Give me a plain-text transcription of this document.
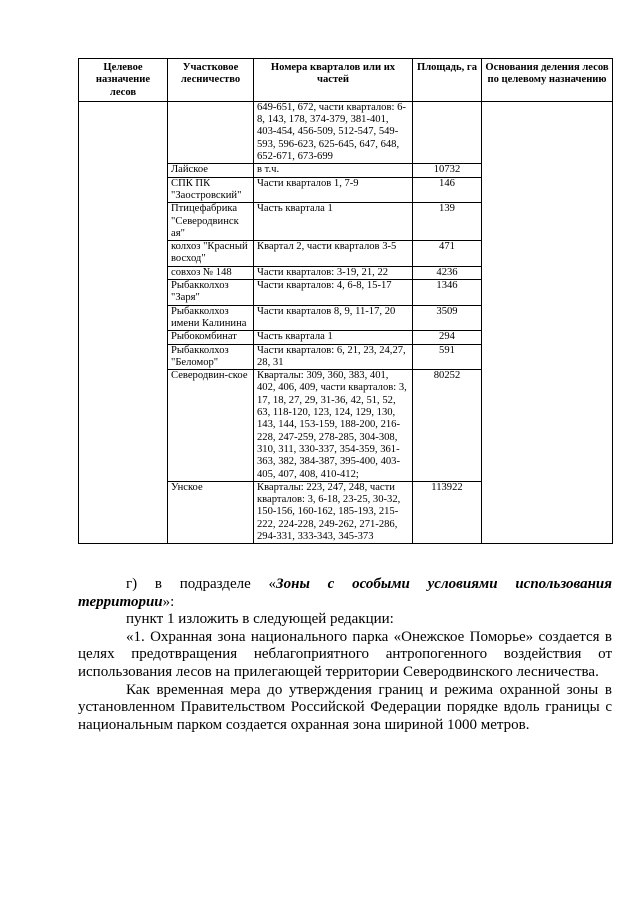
Целевое назначение лесов	Участковое лесничество	Номера кварталов или их частей	Площадь, га	Основания деления лесов по целевому назначению
		649-651, 672, части кварталов: 6-8, 143, 178, 374-379, 381-401, 403-454, 456-509, 512-547, 549-593, 596-623, 625-645, 647, 648, 652-671, 673-699		
	Лайское	в т.ч.	10732	
	СПК ПК "Заостровский"	Части кварталов 1, 7-9	146	
	Птицефабрика "Северодвинск ая"	Часть квартала 1	139	
	колхоз "Красный восход"	Квартал 2, части кварталов 3-5	471	
	совхоз № 148	Части кварталов: 3-19, 21, 22	4236	
	Рыбакколхоз "Заря"	Части кварталов: 4, 6-8, 15-17	1346	
	Рыбакколхоз имени Калинина	Части кварталов 8, 9, 11-17, 20	3509	
	Рыбокомбинат	Часть квартала 1	294	
	Рыбакколхоз "Беломор"	Части кварталов: 6, 21, 23, 24,27, 28, 31	591	
	Северодвин-ское	Кварталы: 309, 360, 383, 401, 402, 406, 409, части кварталов: 3, 17, 18, 27, 29, 31-36, 42, 51, 52, 63, 118-120, 123, 124, 129, 130, 143, 144, 153-159, 188-200, 216-228, 247-259, 278-285, 304-308, 310, 311, 330-337, 354-359, 361-363, 382, 384-387, 395-400, 403-405, 407, 408, 410-412;	80252	
	Унское	Кварталы: 223, 247, 248, части кварталов: 3, 6-18, 23-25, 30-32, 150-156, 160-162, 185-193, 215-222, 224-228, 249-262, 271-286, 294-331, 333-343, 345-373	113922	

г) в подразделе «Зоны с особыми условиями использования территории»:

пункт 1 изложить в следующей редакции:

«1. Охранная зона национального парка «Онежское Поморье» создается в целях предотвращения неблагоприятного антропогенного воздействия от использования лесов на прилегающей территории Северодвинского лесничества.

Как временная мера до утверждения границ и режима охранной зоны в установленном Правительством Российской Федерации порядке вдоль границы с национальным парком создается охранная зона шириной 1000 метров.
